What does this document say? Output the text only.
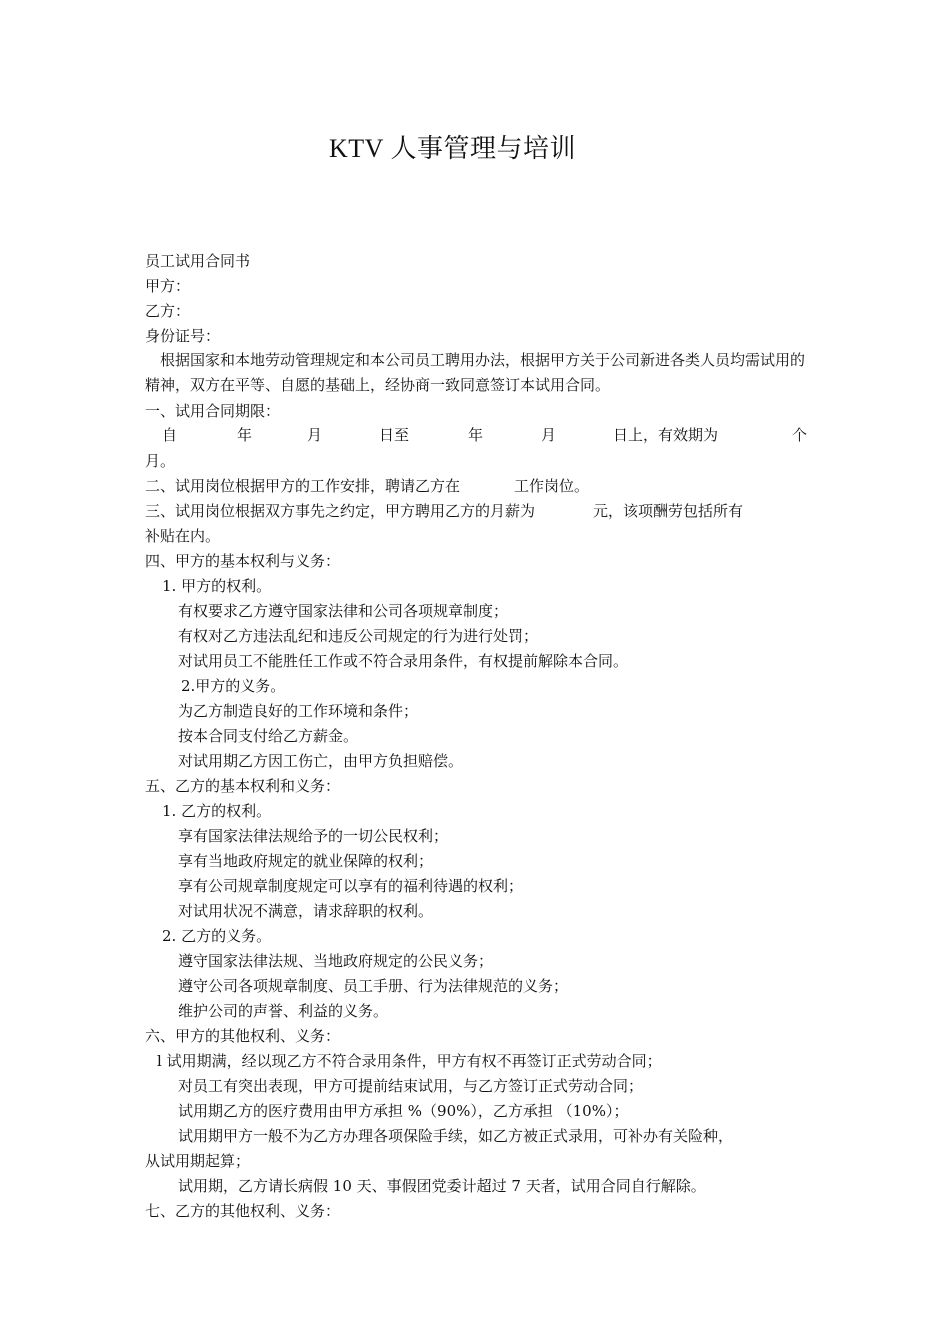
KTV 人事管理与培训
员工试用合同书
甲方：
乙方：
身份证号：
根据国家和本地劳动管理规定和本公司员工聘用办法，根据甲方关于公司新进各类人员均需试用的精神，双方在平等、自愿的基础上，经协商一致同意签订本试用合同。
一、试用合同期限：
自	年	月	日至	年	月	日上，有效期为	个
月。
二、试用岗位根据甲方的工作安排，聘请乙方在	工作岗位。
三、试用岗位根据双方事先之约定，甲方聘用乙方的月薪为	元，该项酬劳包括所有
补贴在内。
四、甲方的基本权利与义务：
1. 甲方的权利。
有权要求乙方遵守国家法律和公司各项规章制度；
有权对乙方违法乱纪和违反公司规定的行为进行处罚；
对试用员工不能胜任工作或不符合录用条件，有权提前解除本合同。
2.甲方的义务。
为乙方制造良好的工作环境和条件；
按本合同支付给乙方薪金。
对试用期乙方因工伤亡，由甲方负担赔偿。
五、乙方的基本权利和义务：
1. 乙方的权利。
享有国家法律法规给予的一切公民权利；
享有当地政府规定的就业保障的权利；
享有公司规章制度规定可以享有的福利待遇的权利；
对试用状况不满意，请求辞职的权利。
2. 乙方的义务。
遵守国家法律法规、当地政府规定的公民义务；
遵守公司各项规章制度、员工手册、行为法律规范的义务；
维护公司的声誉、利益的义务。
六、甲方的其他权利、义务：
l 试用期满，经以现乙方不符合录用条件，甲方有权不再签订正式劳动合同；
对员工有突出表现，甲方可提前结束试用，与乙方签订正式劳动合同；
试用期乙方的医疗费用由甲方承担 %（90%），乙方承担 （10%）；
试用期甲方一般不为乙方办理各项保险手续，如乙方被正式录用，可补办有关险种，
从试用期起算；
试用期，乙方请长病假 10 天、事假团党委计超过 7 天者，试用合同自行解除。
七、乙方的其他权利、义务：
